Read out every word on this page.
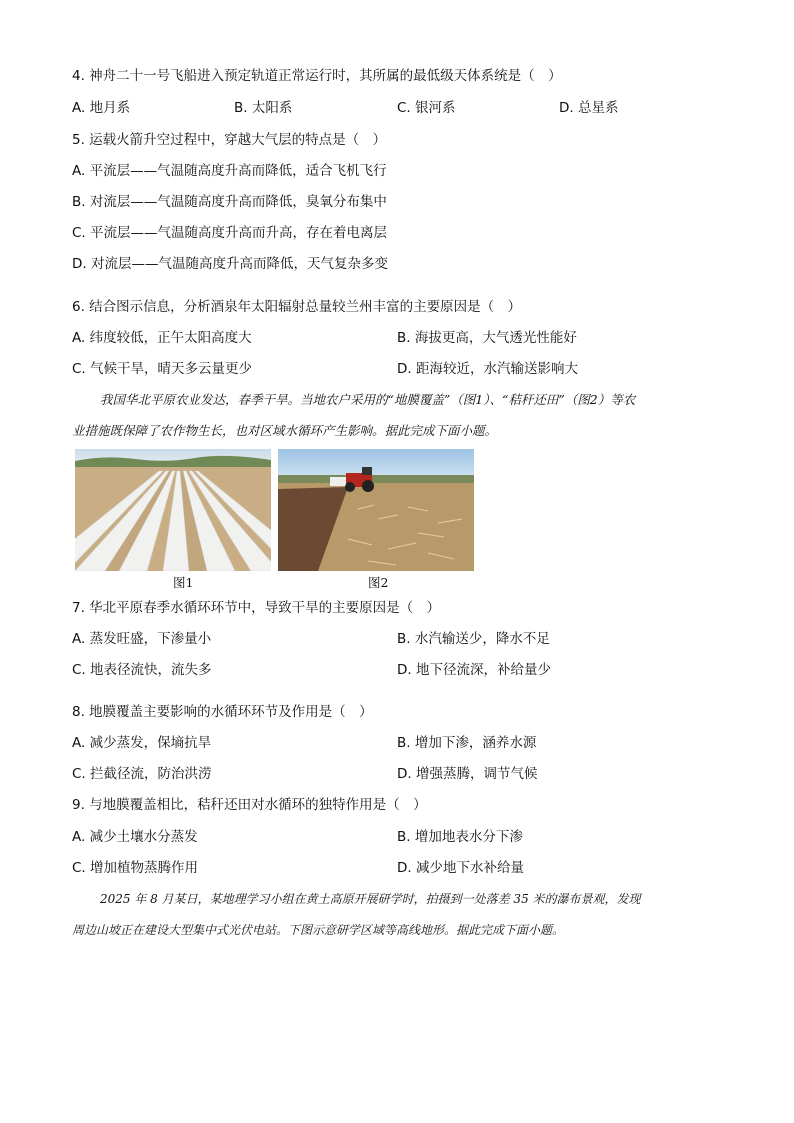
4. 神舟二十一号飞船进入预定轨道正常运行时，其所属的最低级天体系统是（　）
A. 地月系	B. 太阳系	C. 银河系	D. 总星系
5. 运载火箭升空过程中，穿越大气层的特点是（　）
A. 平流层——气温随高度升高而降低，适合飞机飞行
B. 对流层——气温随高度升高而降低，臭氧分布集中
C. 平流层——气温随高度升高而升高，存在着电离层
D. 对流层——气温随高度升高而降低，天气复杂多变
6. 结合图示信息，分析酒泉年太阳辐射总量较兰州丰富的主要原因是（　）
A. 纬度较低，正午太阳高度大	B. 海拔更高，大气透光性能好
C. 气候干旱，晴天多云量更少	D. 距海较近，水汽输送影响大
我国华北平原农业发达，春季干旱。当地农户采用的“地膜覆盖”（图1）、“秸秆还田”（图2）等农
业措施既保障了农作物生长，也对区域水循环产生影响。据此完成下面小题。
图1	图2
7. 华北平原春季水循环环节中，导致干旱的主要原因是（　）
A. 蒸发旺盛，下渗量小	B. 水汽输送少，降水不足
C. 地表径流快，流失多	D. 地下径流深，补给量少
8. 地膜覆盖主要影响的水循环环节及作用是（　）
A. 减少蒸发，保墒抗旱	B. 增加下渗，涵养水源
C. 拦截径流，防治洪涝	D. 增强蒸腾，调节气候
9. 与地膜覆盖相比，秸秆还田对水循环的独特作用是（　）
A. 减少土壤水分蒸发	B. 增加地表水分下渗
C. 增加植物蒸腾作用	D. 减少地下水补给量
2025 年 8 月某日，某地理学习小组在黄土高原开展研学时，拍摄到一处落差 35 米的瀑布景观，发现
周边山坡正在建设大型集中式光伏电站。下图示意研学区域等高线地形。据此完成下面小题。
